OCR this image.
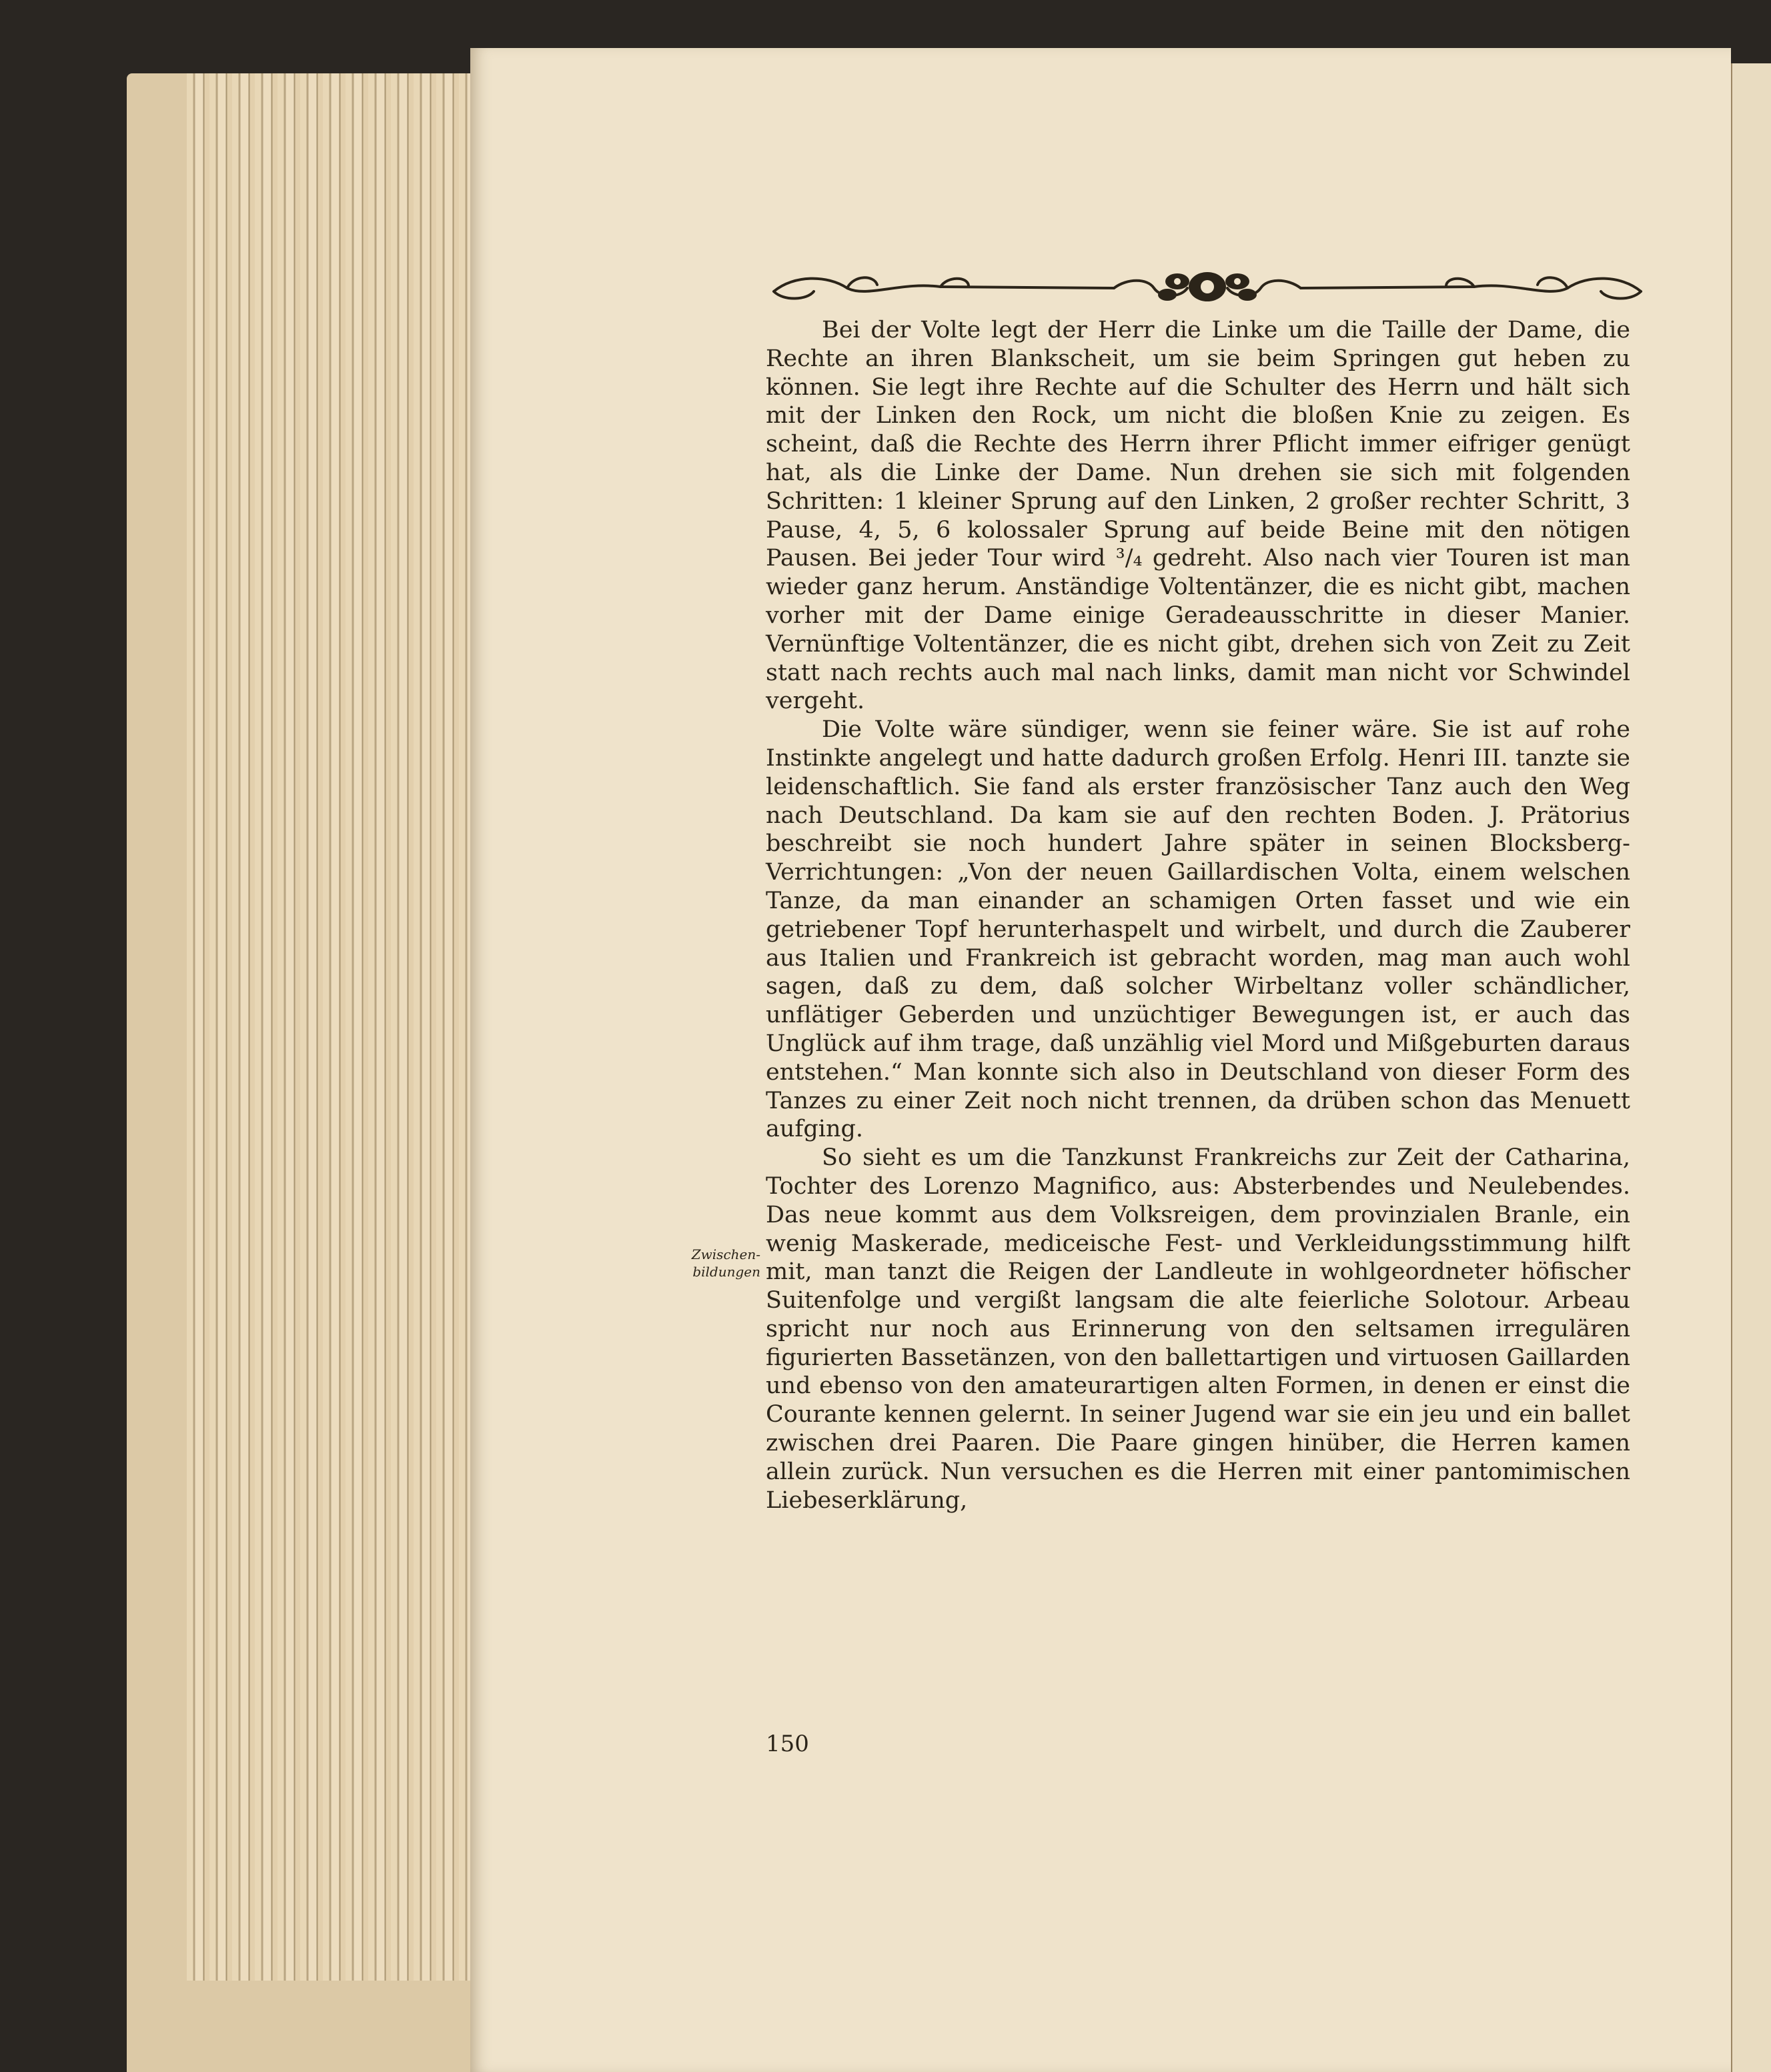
Bei der Volte legt der Herr die Linke um die Taille der Dame, die Rechte an ihren Blankscheit, um sie beim Springen gut heben zu können. Sie legt ihre Rechte auf die Schulter des Herrn und hält sich mit der Linken den Rock, um nicht die bloßen Knie zu zeigen. Es scheint, daß die Rechte des Herrn ihrer Pflicht immer eifriger genügt hat, als die Linke der Dame. Nun drehen sie sich mit folgenden Schritten: 1 kleiner Sprung auf den Linken, 2 großer rechter Schritt, 3 Pause, 4, 5, 6 kolossaler Sprung auf beide Beine mit den nötigen Pausen. Bei jeder Tour wird ³/₄ gedreht. Also nach vier Touren ist man wieder ganz herum. Anständige Voltentänzer, die es nicht gibt, machen vorher mit der Dame einige Geradeausschritte in dieser Manier. Vernünftige Voltentänzer, die es nicht gibt, drehen sich von Zeit zu Zeit statt nach rechts auch mal nach links, damit man nicht vor Schwindel vergeht.

Die Volte wäre sündiger, wenn sie feiner wäre. Sie ist auf rohe Instinkte angelegt und hatte dadurch großen Erfolg. Henri III. tanzte sie leidenschaftlich. Sie fand als erster französischer Tanz auch den Weg nach Deutschland. Da kam sie auf den rechten Boden. J. Prätorius beschreibt sie noch hundert Jahre später in seinen Blocksberg-Verrichtungen: „Von der neuen Gaillardischen Volta, einem welschen Tanze, da man einander an schamigen Orten fasset und wie ein getriebener Topf herunterhaspelt und wirbelt, und durch die Zauberer aus Italien und Frankreich ist gebracht worden, mag man auch wohl sagen, daß zu dem, daß solcher Wirbeltanz voller schändlicher, unflätiger Geberden und unzüchtiger Bewegungen ist, er auch das Unglück auf ihm trage, daß unzählig viel Mord und Mißgeburten daraus entstehen.“ Man konnte sich also in Deutschland von dieser Form des Tanzes zu einer Zeit noch nicht trennen, da drüben schon das Menuett aufging.

So sieht es um die Tanzkunst Frankreichs zur Zeit der Catharina, Tochter des Lorenzo Magnifico, aus: Absterbendes und Neulebendes. Das neue kommt aus dem Volksreigen, dem provinzialen Branle, ein wenig Maskerade, mediceische Fest- und Verkleidungsstimmung hilft mit, man tanzt die Reigen der Landleute in wohlgeordneter höfischer Suitenfolge und vergißt langsam die alte feierliche Solotour. Arbeau spricht nur noch aus Erinnerung von den seltsamen irregulären figurierten Bassetänzen, von den ballettartigen und virtuosen Gaillarden und ebenso von den amateurartigen alten Formen, in denen er einst die Courante kennen gelernt. In seiner Jugend war sie ein jeu und ein ballet zwischen drei Paaren. Die Paare gingen hinüber, die Herren kamen allein zurück. Nun versuchen es die Herren mit einer pantomimischen Liebeserklärung,

Zwischen-bildungen
150
